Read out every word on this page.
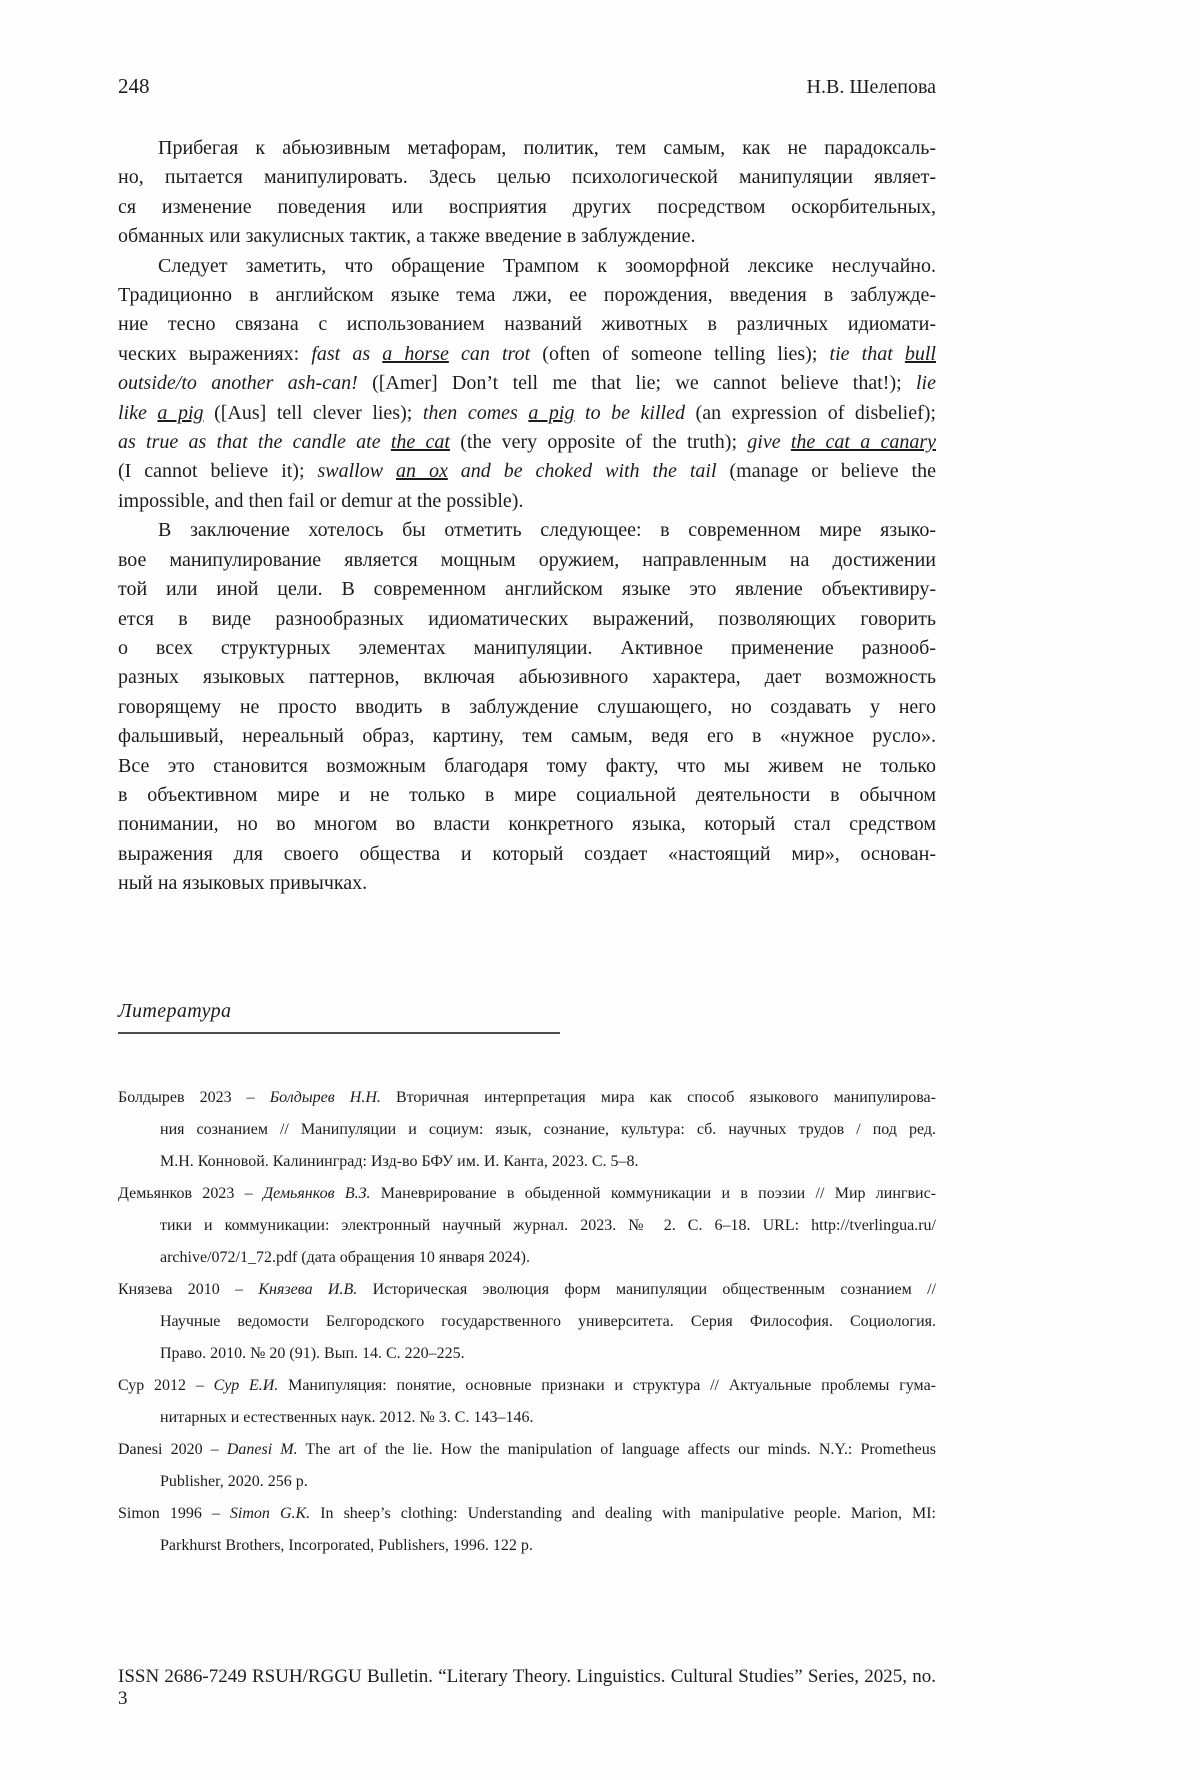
248	Н.В. Шелепова
Прибегая к абьюзивным метафорам, политик, тем самым, как не парадоксаль-
но, пытается манипулировать. Здесь целью психологической манипуляции являет-
ся изменение поведения или восприятия других посредством оскорбительных,
обманных или закулисных тактик, а также введение в заблуждение.
Следует заметить, что обращение Трампом к зооморфной лексике неслучайно.
Традиционно в английском языке тема лжи, ее порождения, введения в заблужде-
ние тесно связана с использованием названий животных в различных идиомати-
ческих выражениях: fast as a horse can trot (often of someone telling lies); tie that bull
outside/to another ash-can! ([Amer] Don’t tell me that lie; we cannot believe that!); lie
like a pig ([Aus] tell clever lies); then comes a pig to be killed (an expression of disbelief);
as true as that the candle ate the cat (the very opposite of the truth); give the cat a canary
(I cannot believe it); swallow an ox and be choked with the tail (manage or believe the
impossible, and then fail or demur at the possible).
В заключение хотелось бы отметить следующее: в современном мире языко-
вое манипулирование является мощным оружием, направленным на достижении
той или иной цели. В современном английском языке это явление объективиру-
ется в виде разнообразных идиоматических выражений, позволяющих говорить
о всех структурных элементах манипуляции. Активное применение разнооб-
разных языковых паттернов, включая абьюзивного характера, дает возможность
говорящему не просто вводить в заблуждение слушающего, но создавать у него
фальшивый, нереальный образ, картину, тем самым, ведя его в «нужное русло».
Все это становится возможным благодаря тому факту, что мы живем не только
в объективном мире и не только в мире социальной деятельности в обычном
понимании, но во многом во власти конкретного языка, который стал средством
выражения для своего общества и который создает «настоящий мир», основан-
ный на языковых привычках.
Литература
Болдырев 2023 – Болдырев Н.Н. Вторичная интерпретация мира как способ языкового манипулирова-
ния сознанием // Манипуляции и социум: язык, сознание, культура: сб. научных трудов / под ред.
М.Н. Конновой. Калининград: Изд-во БФУ им. И. Канта, 2023. С. 5–8.
Демьянков 2023 – Демьянков В.З. Маневрирование в обыденной коммуникации и в поэзии // Мир лингвис-
тики и коммуникации: электронный научный журнал. 2023. № 2. С. 6–18. URL: http://tverlingua.ru/
archive/072/1_72.pdf (дата обращения 10 января 2024).
Князева 2010 – Князева И.В. Историческая эволюция форм манипуляции общественным сознанием //
Научные ведомости Белгородского государственного университета. Серия Философия. Социология.
Право. 2010. № 20 (91). Вып. 14. С. 220–225.
Сур 2012 – Сур Е.И. Манипуляция: понятие, основные признаки и структура // Актуальные проблемы гума-
нитарных и естественных наук. 2012. № 3. С. 143–146.
Danesi 2020 – Danesi M. The art of the lie. How the manipulation of language affects our minds. N.Y.: Prometheus
Publisher, 2020. 256 p.
Simon 1996 – Simon G.K. In sheep’s clothing: Understanding and dealing with manipulative people. Marion, MI:
Parkhurst Brothers, Incorporated, Publishers, 1996. 122 p.
ISSN 2686-7249 RSUH/RGGU Bulletin. “Literary Theory. Linguistics. Cultural Studies” Series, 2025, no. 3
